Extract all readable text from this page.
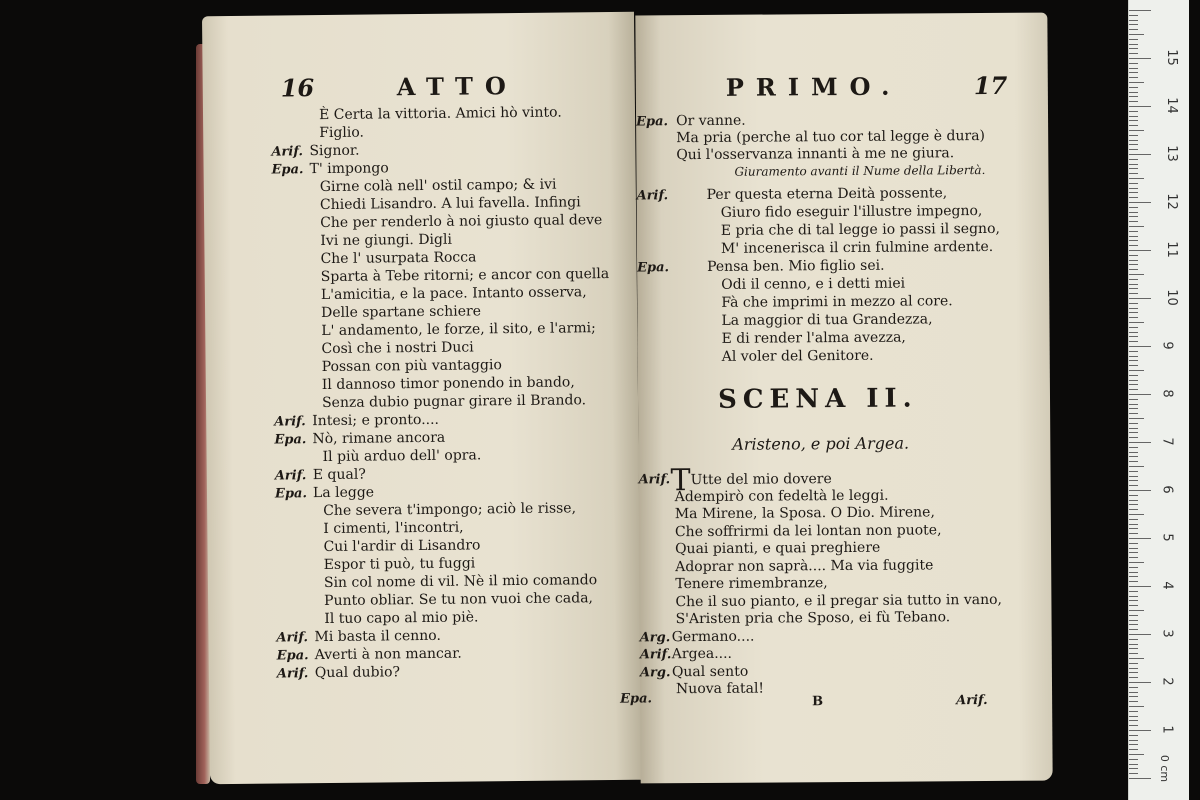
16	ATTO
È Certa la vittoria. Amici hò vinto.
Figlio.
Arif. Signor.
Epa. T' impongo
Girne colà nell' ostil campo; & ivi
Chiedi Lisandro. A lui favella. Infingi
Che per renderlo à noi giusto qual deve
Ivi ne giungi. Digli
Che l' usurpata Rocca
Sparta à Tebe ritorni; e ancor con quella
L'amicitia, e la pace. Intanto osserva,
Delle spartane schiere
L' andamento, le forze, il sito, e l'armi;
Così che i nostri Duci
Possan con più vantaggio
Il dannoso timor ponendo in bando,
Senza dubio pugnar girare il Brando.
Arif. Intesi; e pronto....
Epa. Nò, rimane ancora
Il più arduo dell' opra.
Arif. E qual?
Epa. La legge
Che severa t'impongo; aciò le risse,
I cimenti, l'incontri,
Cui l'ardir di Lisandro
Espor ti può, tu fuggi
Sin col nome di vil. Nè il mio comando
Punto obliar. Se tu non vuoi che cada,
Il tuo capo al mio piè.
Arif. Mi basta il cenno.
Epa. Averti à non mancar.
Arif. Qual dubio?
PRIMO.	17
Epa. Or vanne.
Ma pria (perche al tuo cor tal legge è dura)
Qui l'osservanza innanti à me ne giura.
Giuramento avanti il Nume della Libertà.
Arif.	Per questa eterna Deità possente,
Giuro fido eseguir l'illustre impegno,
E pria che di tal legge io passi il segno,
M' incenerisca il crin fulmine ardente.
Epa.	Pensa ben. Mio figlio sei.
Odi il cenno, e i detti miei
Fà che imprimi in mezzo al core.
La maggior di tua Grandezza,
E di render l'alma avezza,
Al voler del Genitore.
SCENA II.
Aristeno, e poi Argea.
Arif. TUtte del mio dovere
Adempirò con fedeltà le leggi.
Ma Mirene, la Sposa. O Dio. Mirene,
Che soffrirmi da lei lontan non puote,
Quai pianti, e quai preghiere
Adoprar non saprà.... Ma via fuggite
Tenere rimembranze,
Che il suo pianto, e il pregar sia tutto in vano,
S'Aristen pria che Sposo, ei fù Tebano.
Arg. Germano....
Arif. Argea....
Arg. Qual sento
Nuova fatal!
Epa.	B	Arif.
0 cm
15
14
13
12
11
10
9
8
7
6
5
4
3
2
1
